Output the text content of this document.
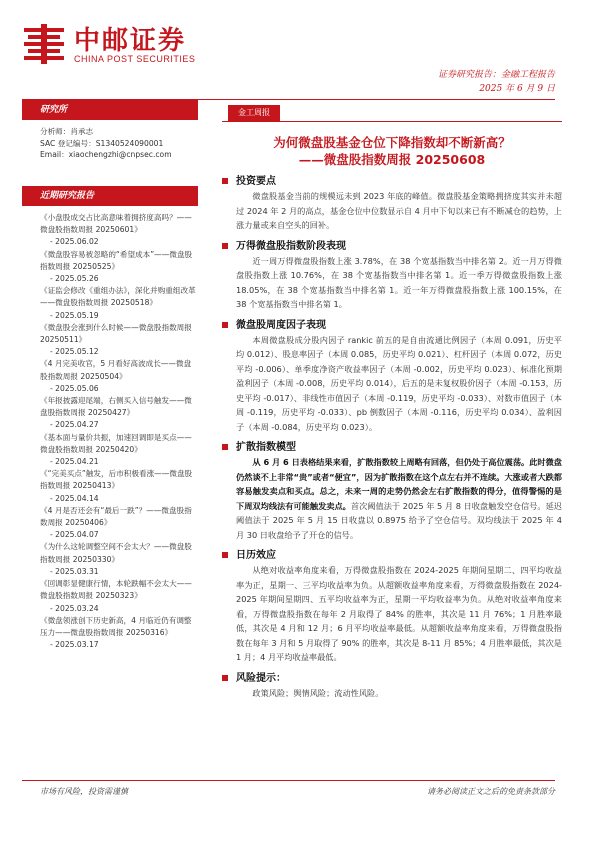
中邮证券
CHINA POST SECURITIES
证券研究报告：金融工程报告
2025 年 6 月 9 日
研究所
分析师：肖承志
SAC 登记编号：S1340524090001
Email：xiaochengzhi@cnpsec.com
近期研究报告
《小盘股成交占比高意味着拥挤度高吗？——微盘股指数周报 20250601》
- 2025.06.02
《微盘股容易被忽略的“希望成本”——微盘股指数周报 20250525》
- 2025.05.26
《证监会修改《重组办法》，深化并购重组改革——微盘股指数周报 20250518》
- 2025.05.19
《微盘股会涨到什么时候——微盘股指数周报 20250511》
- 2025.05.12
《4 月完美收官，5 月看好高波成长——微盘股指数周报 20250504》
- 2025.05.06
《年报披露迎尾端，右侧买入信号触发——微盘股指数周报 20250427》
- 2025.04.27
《基本面与量价共振，加速回调即是买点——微盘股指数周报 20250420》
- 2025.04.21
《“完美买点”触发，后市积极看涨——微盘股指数周报 20250413》
- 2025.04.14
《4 月是否还会有“最后一跌”？——微盘股指数周报 20250406》
- 2025.04.07
《为什么这轮调整空间不会太大？——微盘股指数周报 20250330》
- 2025.03.31
《回调彰显健康行情，本轮跌幅不会太大——微盘股指数周报 20250323》
- 2025.03.24
《微盘领涨创下历史新高，4 月临近仍有调整压力——微盘股指数周报 20250316》
- 2025.03.17
金工周报
为何微盘股基金仓位下降指数却不断新高？
——微盘股指数周报 20250608
投资要点
微盘股基金当前的规模远未到 2023 年底的峰值。微盘股基金策略拥挤度其实并未超过 2024 年 2 月的高点，基金仓位中位数显示自 4 月中下旬以来已有不断减仓的趋势，上涨力量或来自空头的回补。
万得微盘股指数阶段表现
近一周万得微盘股指数上涨 3.78%，在 38 个宽基指数当中排名第 2。近一月万得微盘股指数上涨 10.76%，在 38 个宽基指数当中排名第 1。近一季万得微盘股指数上涨 18.05%，在 38 个宽基指数当中排名第 1。近一年万得微盘股指数上涨 100.15%，在 38 个宽基指数当中排名第 1。
微盘股周度因子表现
本周微盘股成分股内因子 rankic 前五的是自由流通比例因子（本周 0.091，历史平均 0.012）、股息率因子（本周 0.085，历史平均 0.021）、杠杆因子（本周 0.072，历史平均 -0.006）、单季度净资产收益率因子（本周 -0.002，历史平均 0.023）、标准化预期盈利因子（本周 -0.008，历史平均 0.014），后五的是未复权股价因子（本周 -0.153，历史平均 -0.017）、非线性市值因子（本周 -0.119，历史平均 -0.033）、对数市值因子（本周 -0.119，历史平均 -0.033）、pb 倒数因子（本周 -0.116，历史平均 0.034）、盈利因子（本周 -0.084，历史平均 0.023）。
扩散指数模型
从 6 月 6 日表格结果来看，扩散指数较上周略有回落，但仍处于高位震荡。此时微盘仍然谈不上非常“贵”或者“便宜”，因为扩散指数在这个点左右并不连续。大涨或者大跌都容易触发卖点和买点。总之，未来一周的走势仍然会左右扩散指数的得分，值得警惕的是下周双均线法有可能触发卖点。首次阈值法于 2025 年 5 月 8 日收盘触发空仓信号。延迟阈值法于 2025 年 5 月 15 日收盘以 0.8975 给予了空仓信号。双均线法于 2025 年 4 月 30 日收盘给予了开仓的信号。
日历效应
从绝对收益率角度来看，万得微盘股指数在 2024-2025 年期间星期二、四平均收益率为正，星期一、三平均收益率为负。从超额收益率角度来看，万得微盘股指数在 2024-2025 年期间星期四、五平均收益率为正，星期一平均收益率为负。从绝对收益率角度来看，万得微盘股指数在每年 2 月取得了 84% 的胜率，其次是 11 月 76%；1 月胜率最低，其次是 4 月和 12 月；6 月平均收益率最低。从超额收益率角度来看，万得微盘股指数在每年 3 月和 5 月取得了 90% 的胜率，其次是 8-11 月 85%；4 月胜率最低，其次是 1 月；4 月平均收益率最低。
风险提示：
政策风险；舆情风险；流动性风险。
市场有风险，投资需谨慎	请务必阅读正文之后的免责条款部分
